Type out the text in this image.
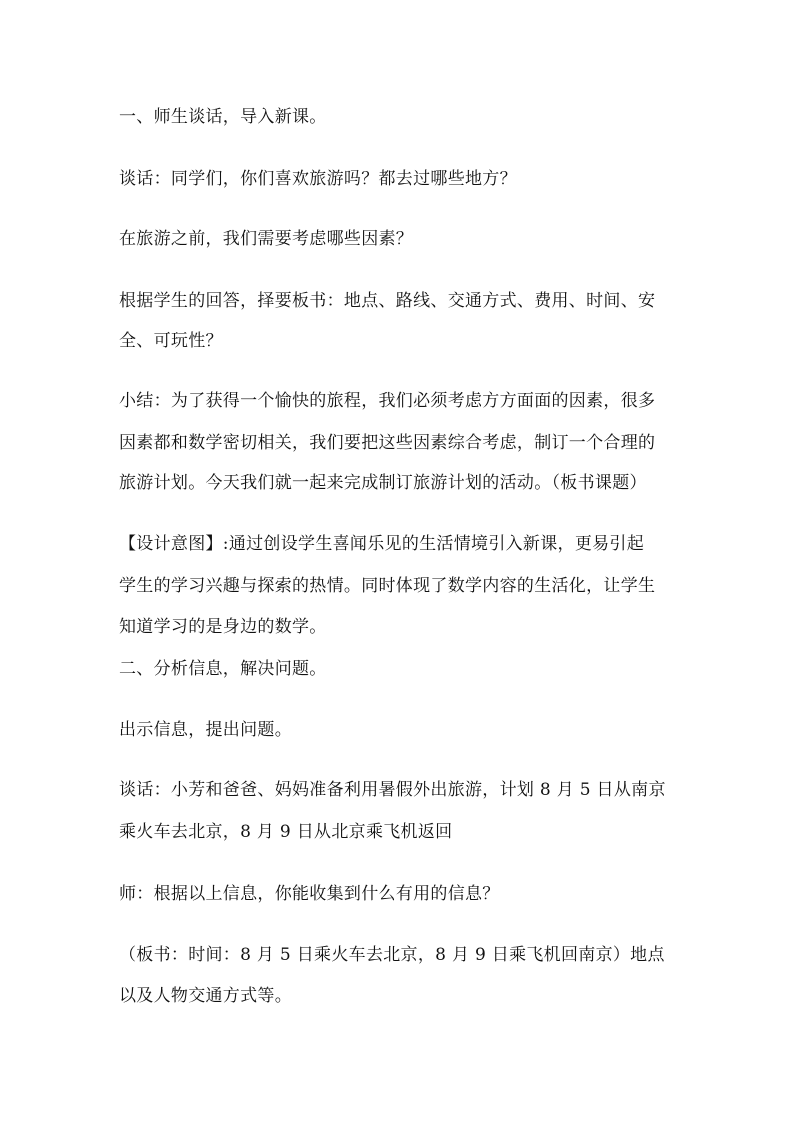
一、师生谈话，导入新课。
谈话：同学们，你们喜欢旅游吗？都去过哪些地方？
在旅游之前，我们需要考虑哪些因素？
根据学生的回答，择要板书：地点、路线、交通方式、费用、时间、安
全、可玩性？
小结：为了获得一个愉快的旅程，我们必须考虑方方面面的因素，很多
因素都和数学密切相关，我们要把这些因素综合考虑，制订一个合理的
旅游计划。今天我们就一起来完成制订旅游计划的活动。（板书课题）
【设计意图】:通过创设学生喜闻乐见的生活情境引入新课，更易引起
学生的学习兴趣与探索的热情。同时体现了数学内容的生活化，让学生
知道学习的是身边的数学。
二、分析信息，解决问题。
出示信息，提出问题。
谈话：小芳和爸爸、妈妈准备利用暑假外出旅游，计划 8 月 5 日从南京
乘火车去北京，8 月 9 日从北京乘飞机返回
师：根据以上信息，你能收集到什么有用的信息？
（板书：时间：8 月 5 日乘火车去北京，8 月 9 日乘飞机回南京）地点
以及人物交通方式等。
